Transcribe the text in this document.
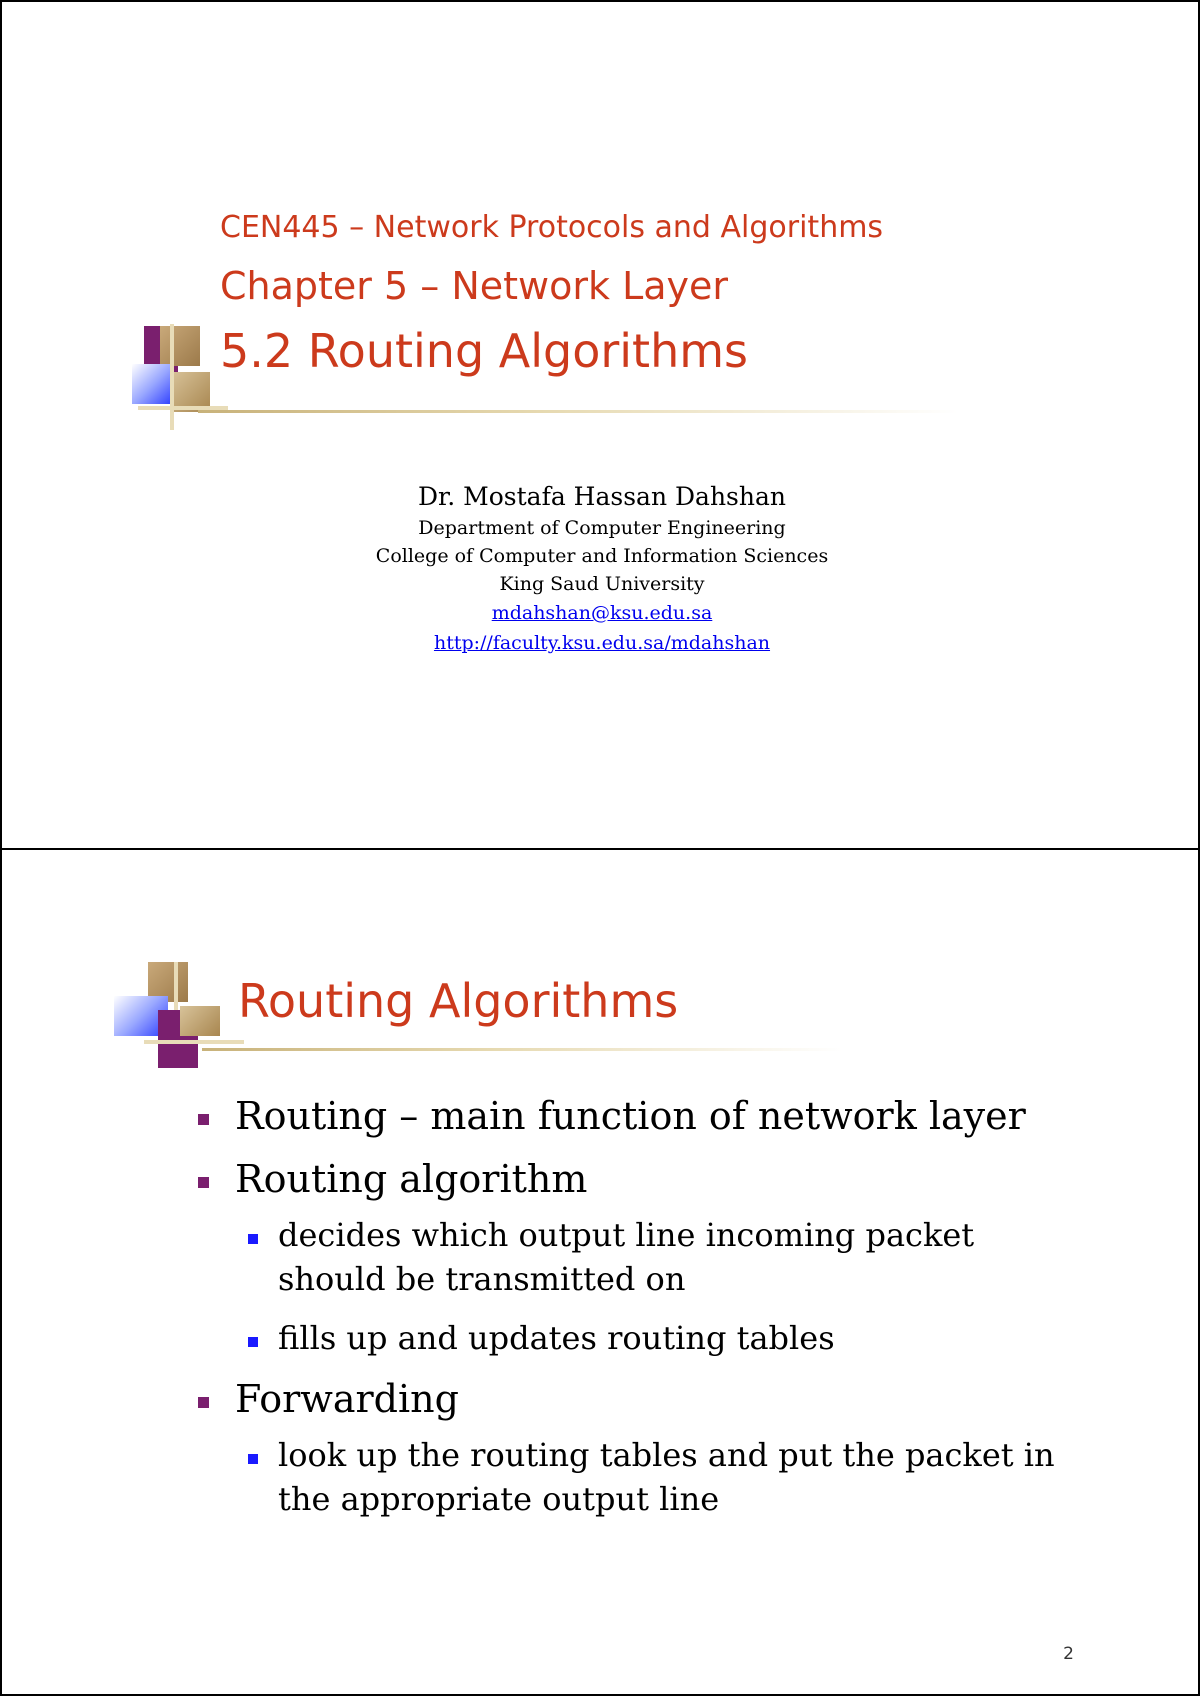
CEN445 – Network Protocols and Algorithms
Chapter 5 – Network Layer
5.2 Routing Algorithms
Dr. Mostafa Hassan Dahshan
Department of Computer Engineering
College of Computer and Information Sciences
King Saud University
mdahshan@ksu.edu.sa
http://faculty.ksu.edu.sa/mdahshan
Routing Algorithms
Routing – main function of network layer
Routing algorithm
decides which output line incoming packet
should be transmitted on
fills up and updates routing tables
Forwarding
look up the routing tables and put the packet in
the appropriate output line
2
